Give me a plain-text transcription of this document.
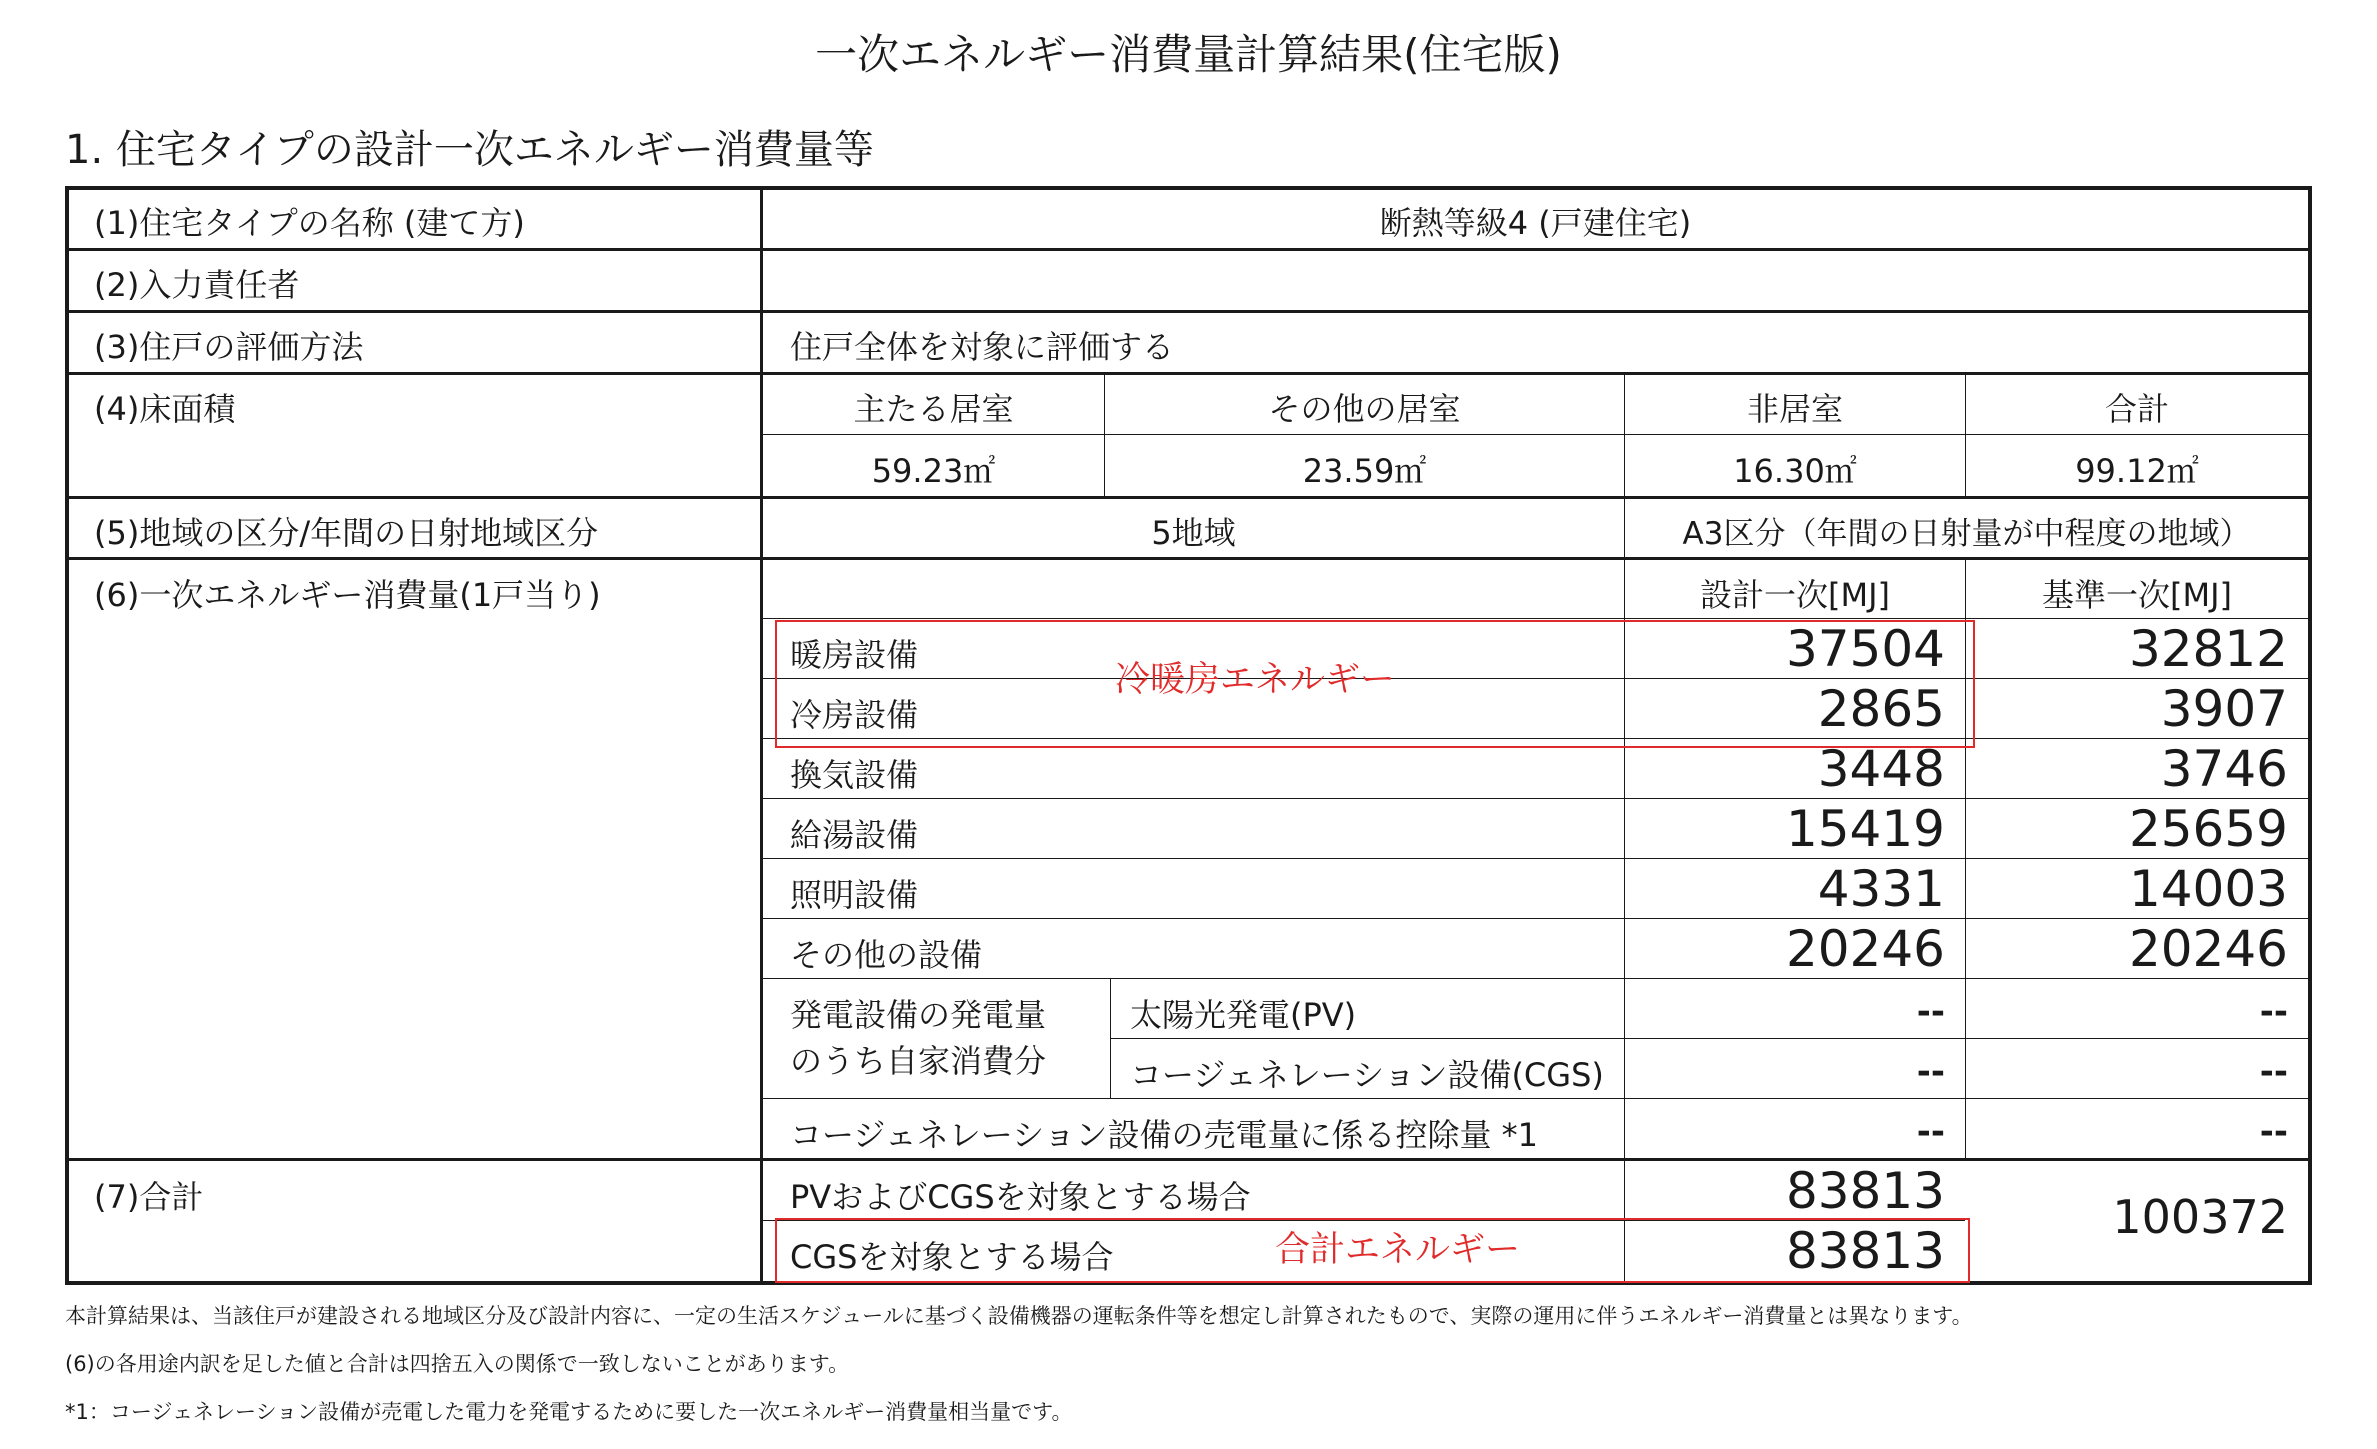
一次エネルギー消費量計算結果(住宅版)
1. 住宅タイプの設計一次エネルギー消費量等
(1)住宅タイプの名称 (建て方)	断熱等級4 (戸建住宅)
(2)入力責任者
(3)住戸の評価方法	住戸全体を対象に評価する
(4)床面積	主たる居室	その他の居室	非居室	合計
59.23㎡	23.59㎡	16.30㎡	99.12㎡
(5)地域の区分/年間の日射地域区分	5地域	A3区分（年間の日射量が中程度の地域）
(6)一次エネルギー消費量(1戸当り)	設計一次[MJ]	基準一次[MJ]
暖房設備	37504	32812
冷房設備	2865	3907
換気設備	3448	3746
給湯設備	15419	25659
照明設備	4331	14003
その他の設備	20246	20246
発電設備の発電量
のうち自家消費分
太陽光発電(PV)	--	--
コージェネレーション設備(CGS)	--	--
コージェネレーション設備の売電量に係る控除量 *1	--	--
(7)合計	PVおよびCGSを対象とする場合	83813
CGSを対象とする場合	83813
100372
冷暖房エネルギー
合計エネルギー
本計算結果は、当該住戸が建設される地域区分及び設計内容に、一定の生活スケジュールに基づく設備機器の運転条件等を想定し計算されたもので、実際の運用に伴うエネルギー消費量とは異なります。
(6)の各用途内訳を足した値と合計は四捨五入の関係で一致しないことがあります。
*1：コージェネレーション設備が売電した電力を発電するために要した一次エネルギー消費量相当量です。
